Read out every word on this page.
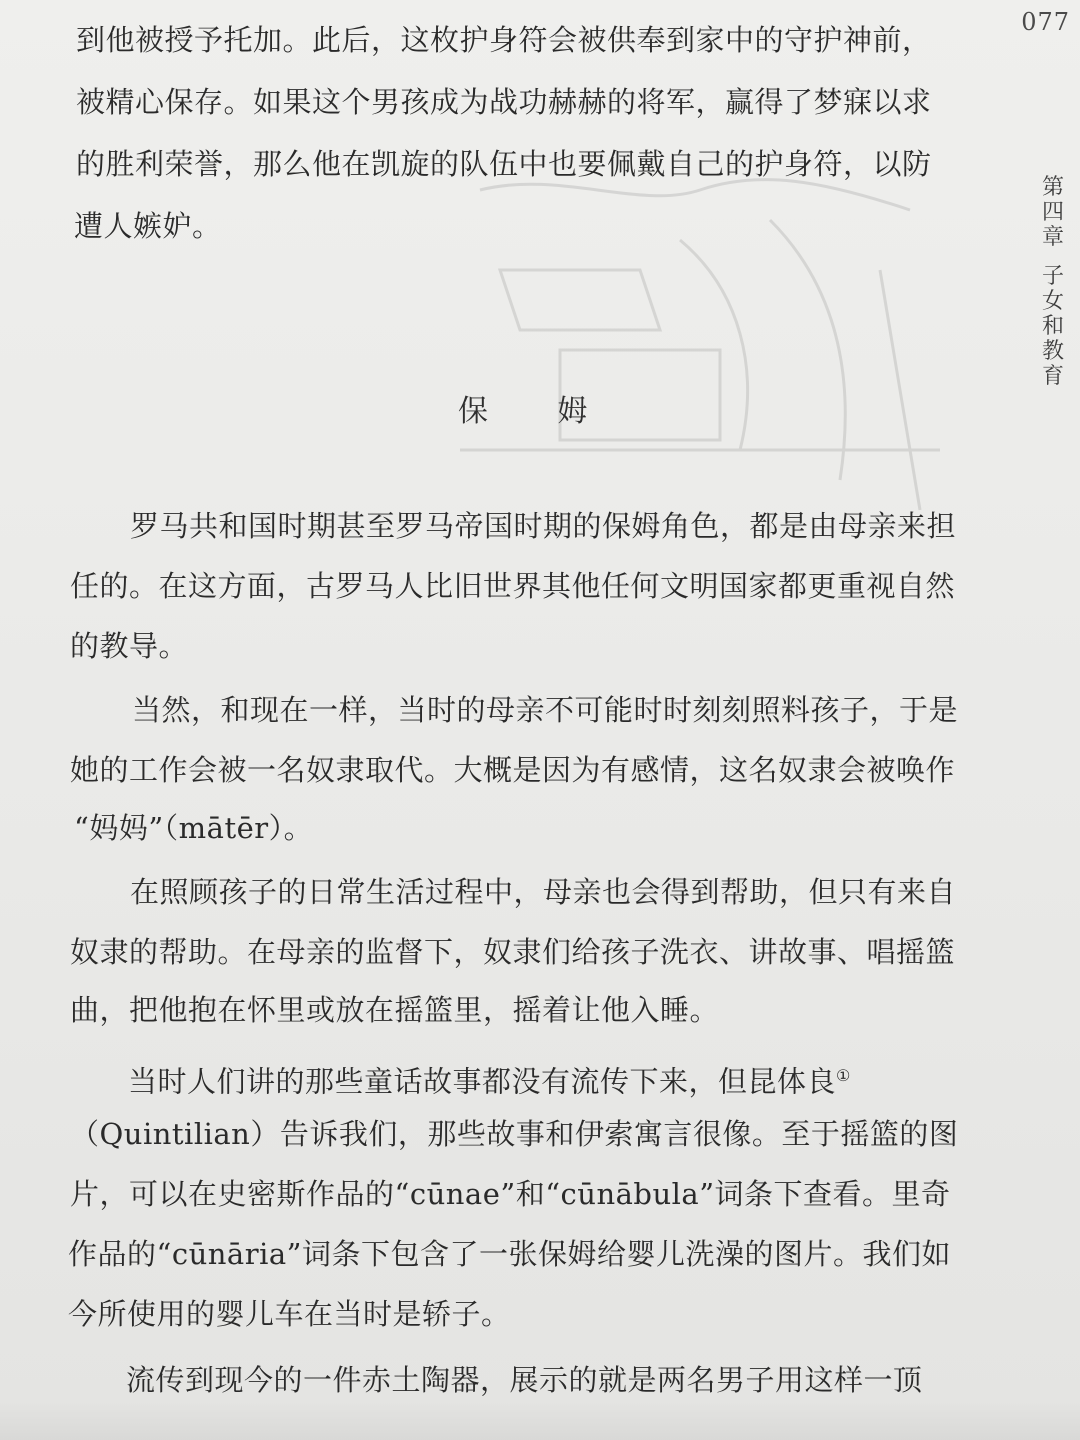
077
第
四
章
子
女
和
教
育
到他被授予托加。此后，这枚护身符会被供奉到家中的守护神前，
被精心保存。如果这个男孩成为战功赫赫的将军，赢得了梦寐以求
的胜利荣誉，那么他在凯旋的队伍中也要佩戴自己的护身符，以防
遭人嫉妒。
保 姆
罗马共和国时期甚至罗马帝国时期的保姆角色，都是由母亲来担
任的。在这方面，古罗马人比旧世界其他任何文明国家都更重视自然
的教导。
当然，和现在一样，当时的母亲不可能时时刻刻照料孩子，于是
她的工作会被一名奴隶取代。大概是因为有感情，这名奴隶会被唤作
“妈妈”（mātēr）。
在照顾孩子的日常生活过程中，母亲也会得到帮助，但只有来自
奴隶的帮助。在母亲的监督下，奴隶们给孩子洗衣、讲故事、唱摇篮
曲，把他抱在怀里或放在摇篮里，摇着让他入睡。
当时人们讲的那些童话故事都没有流传下来，但昆体良①
（Quintilian）告诉我们，那些故事和伊索寓言很像。至于摇篮的图
片，可以在史密斯作品的“cūnae”和“cūnābula”词条下查看。里奇
作品的“cūnāria”词条下包含了一张保姆给婴儿洗澡的图片。我们如
今所使用的婴儿车在当时是轿子。
流传到现今的一件赤土陶器，展示的就是两名男子用这样一顶
